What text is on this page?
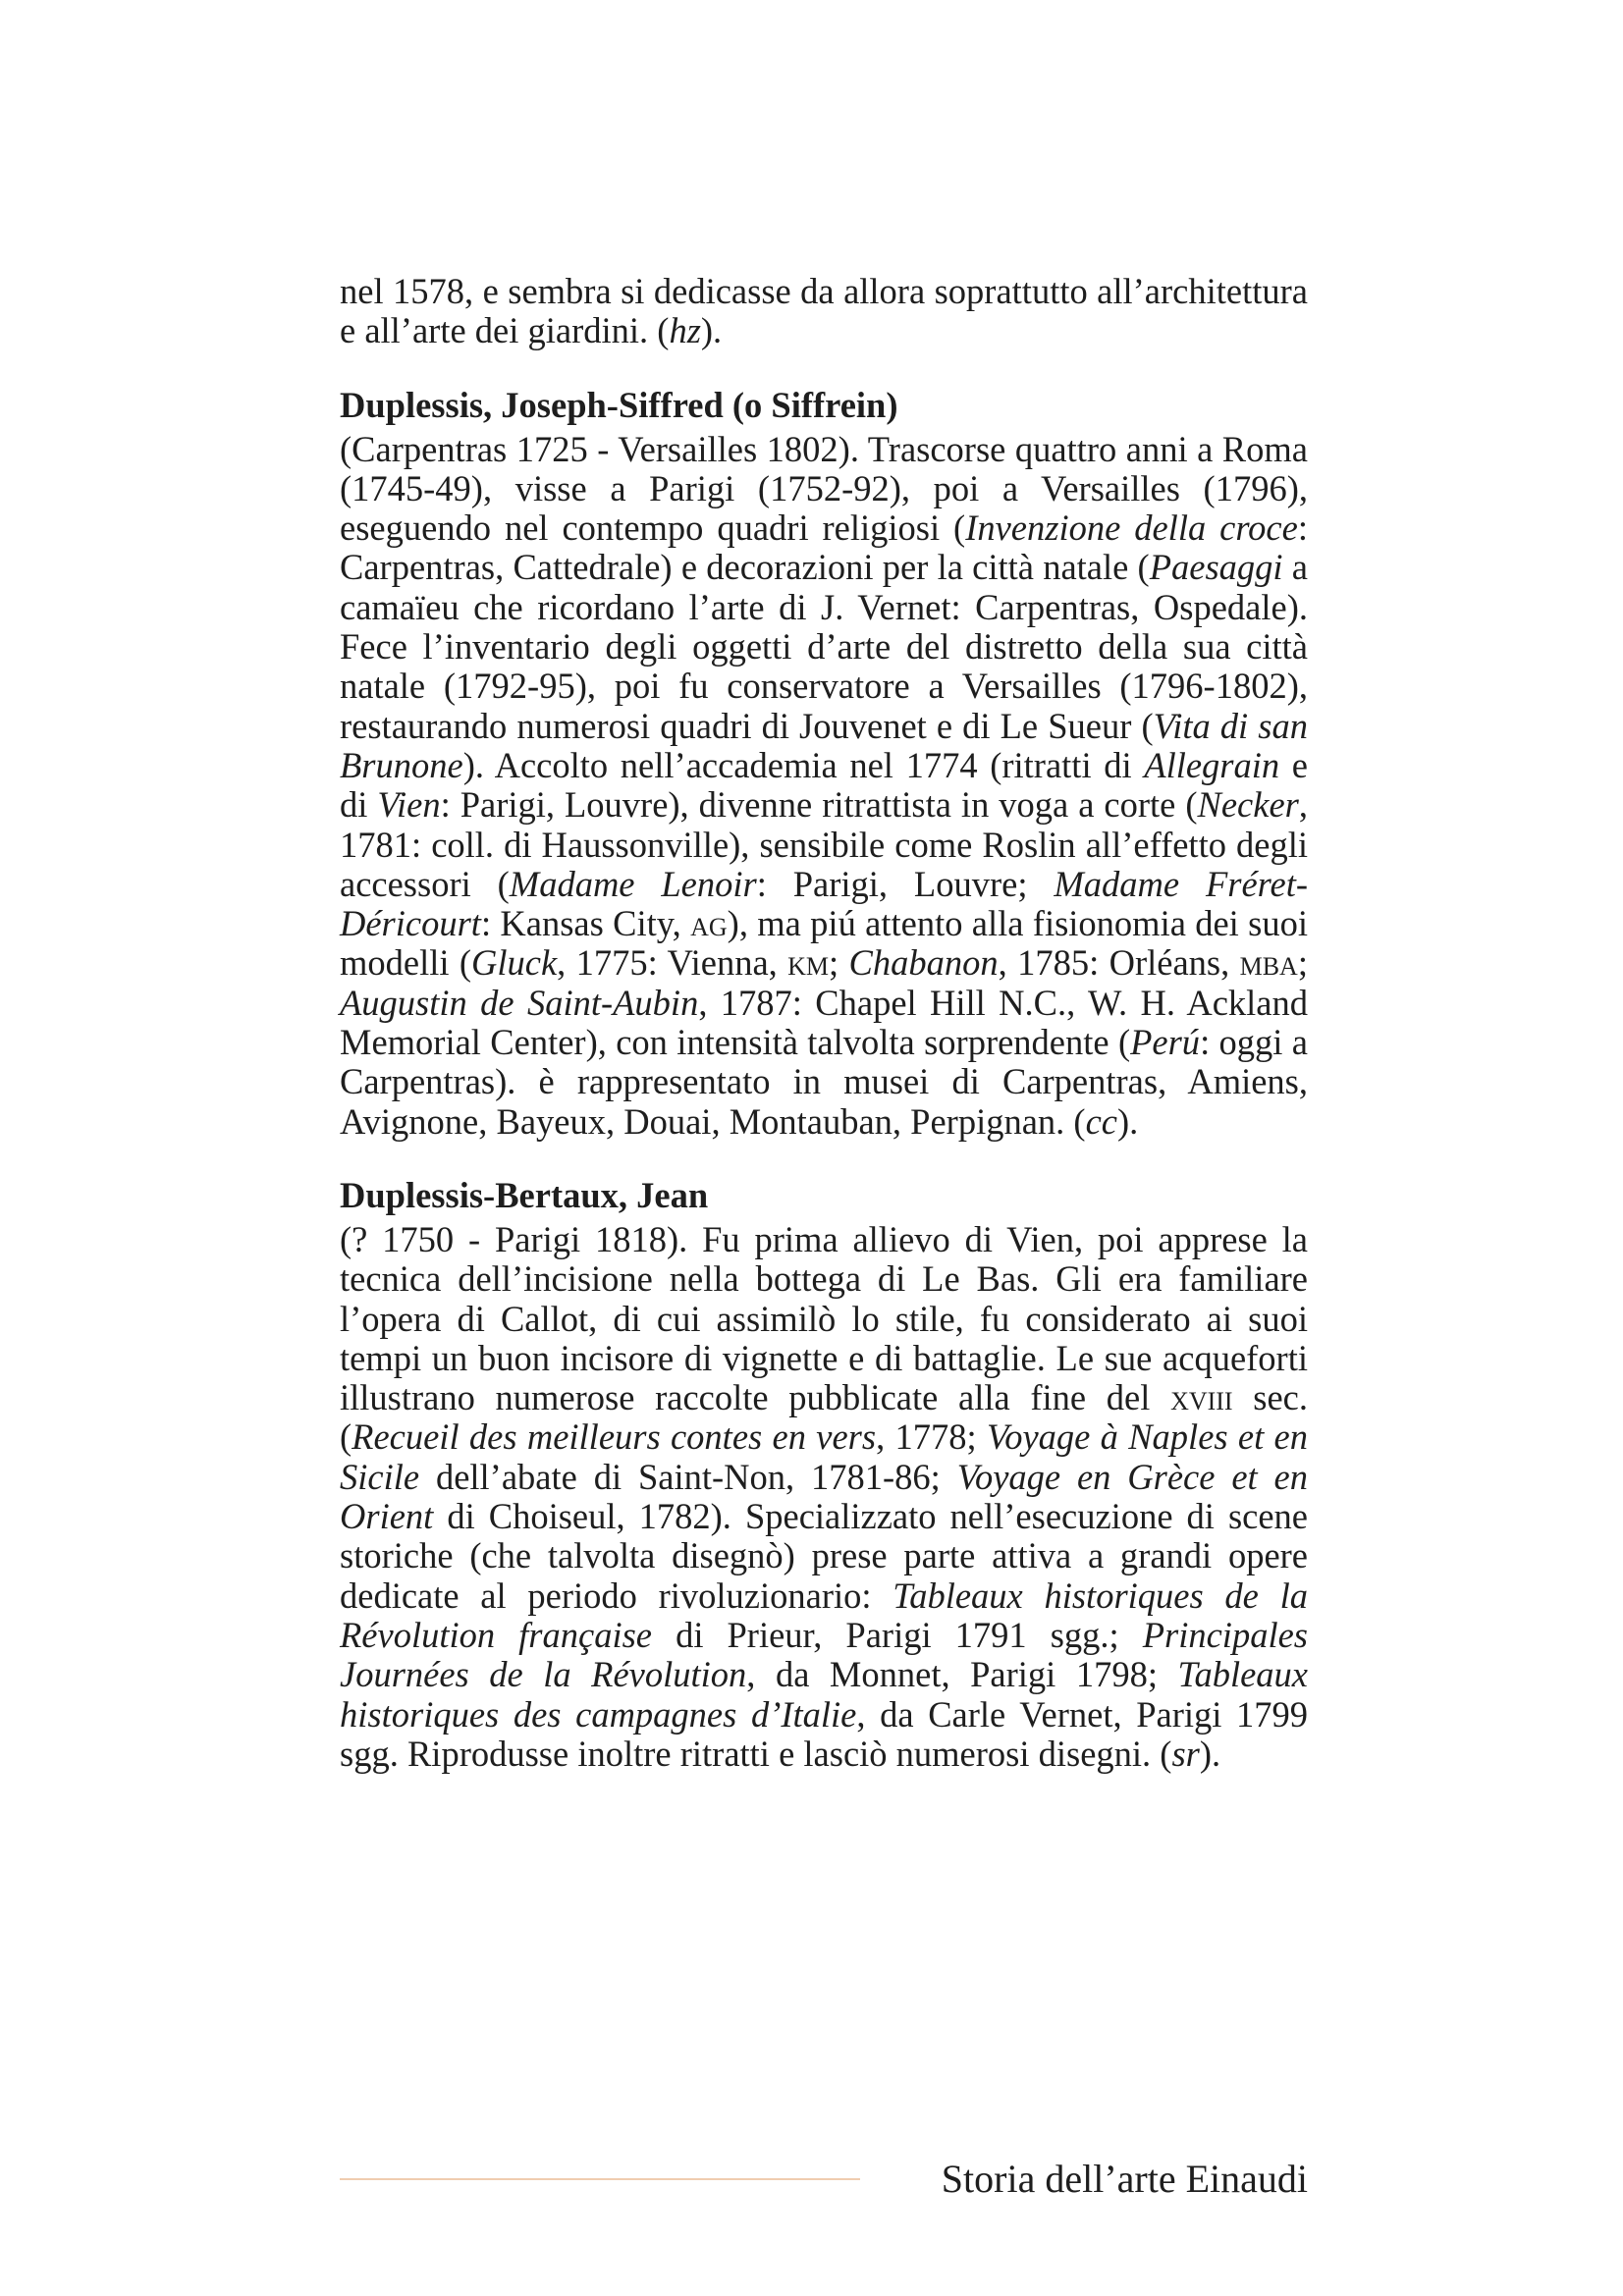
nel 1578, e sembra si dedicasse da allora soprattutto all’architettura e all’arte dei giardini. (hz).

Duplessis, Joseph-Siffred (o Siffrein)

(Carpentras 1725 - Versailles 1802). Trascorse quattro anni a Roma (1745-49), visse a Parigi (1752-92), poi a Versailles (1796), eseguendo nel contempo quadri religiosi (Invenzione della croce: Carpentras, Cattedrale) e decorazioni per la città natale (Paesaggi a camaïeu che ricordano l’arte di J. Vernet: Carpentras, Ospedale). Fece l’inventario degli oggetti d’arte del distretto della sua città natale (1792-95), poi fu conservatore a Versailles (1796-1802), restaurando numerosi quadri di Jouvenet e di Le Sueur (Vita di san Brunone). Accolto nell’accademia nel 1774 (ritratti di Allegrain e di Vien: Parigi, Louvre), divenne ritrattista in voga a corte (Necker, 1781: coll. di Haussonville), sensibile come Roslin all’effetto degli accessori (Madame Lenoir: Parigi, Louvre; Madame Fréret-Déricourt: Kansas City, ag), ma piú attento alla fisionomia dei suoi modelli (Gluck, 1775: Vienna, km; Chabanon, 1785: Orléans, mba; Augustin de Saint-Aubin, 1787: Chapel Hill N.C., W. H. Ackland Memorial Center), con intensità talvolta sorprendente (Perú: oggi a Carpentras). è rappresentato in musei di Carpentras, Amiens, Avignone, Bayeux, Douai, Montauban, Perpignan. (cc).

Duplessis-Bertaux, Jean

(? 1750 - Parigi 1818). Fu prima allievo di Vien, poi apprese la tecnica dell’incisione nella bottega di Le Bas. Gli era familiare l’opera di Callot, di cui assimilò lo stile, fu considerato ai suoi tempi un buon incisore di vignette e di battaglie. Le sue acqueforti illustrano numerose raccolte pubblicate alla fine del xviii sec. (Recueil des meilleurs contes en vers, 1778; Voyage à Naples et en Sicile dell’abate di Saint-Non, 1781-86; Voyage en Grèce et en Orient di Choiseul, 1782). Specializzato nell’esecuzione di scene storiche (che talvolta disegnò) prese parte attiva a grandi opere dedicate al periodo rivoluzionario: Tableaux historiques de la Révolution française di Prieur, Parigi 1791 sgg.; Principales Journées de la Révolution, da Monnet, Parigi 1798; Tableaux historiques des campagnes d’Italie, da Carle Vernet, Parigi 1799 sgg. Riprodusse inoltre ritratti e lasciò numerosi disegni. (sr).

Storia dell’arte Einaudi
